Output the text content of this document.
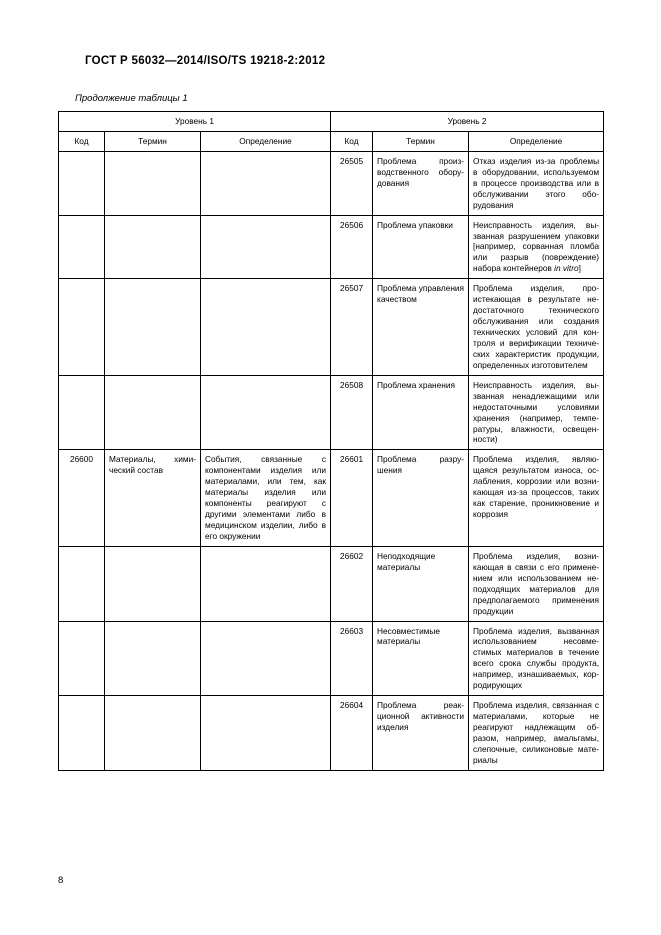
ГОСТ Р 56032—2014/ISO/TS 19218-2:2012
Продолжение таблицы 1
Уровень 1			Уровень 2		
Код	Термин	Определение	Код	Термин	Определение
			26505	Проблема производственного оборудования	Отказ изделия из-за проблемы в оборудовании, используемом в процессе производства или в обслуживании этого оборудования
			26506	Проблема упаковки	Неисправность изделия, вызванная разрушением упаковки [например, сорванная пломба или разрыв (повреждение) набора контейнеров in vitro]
			26507	Проблема управления качеством	Проблема изделия, проистекающая в результате недостаточного технического обслуживания или создания технических условий для контроля и верификации технических характеристик продукции, определенных изготовителем
			26508	Проблема хранения	Неисправность изделия, вызванная ненадлежащими или недостаточными условиями хранения (например, температуры, влажности, освещенности)
26600	Материалы, химический состав	События, связанные с компонентами изделия или материалами, или тем, как материалы изделия или компоненты реагируют с другими элементами либо в медицинском изделии, либо в его окружении	26601	Проблема разрушения	Проблема изделия, являющаяся результатом износа, ослабления, коррозии или возникающая из-за процессов, таких как старение, проникновение и коррозия
			26602	Неподходящие материалы	Проблема изделия, возникающая в связи с его применением или использованием неподходящих материалов для предполагаемого применения продукции
			26603	Несовместимые материалы	Проблема изделия, вызванная использованием несовместимых материалов в течение всего срока службы продукта, например, изнашиваемых, корродирующих
			26604	Проблема реакционной активности изделия	Проблема изделия, связанная с материалами, которые не реагируют надлежащим образом, например, амальгамы, слепочные, силиконовые материалы
8
